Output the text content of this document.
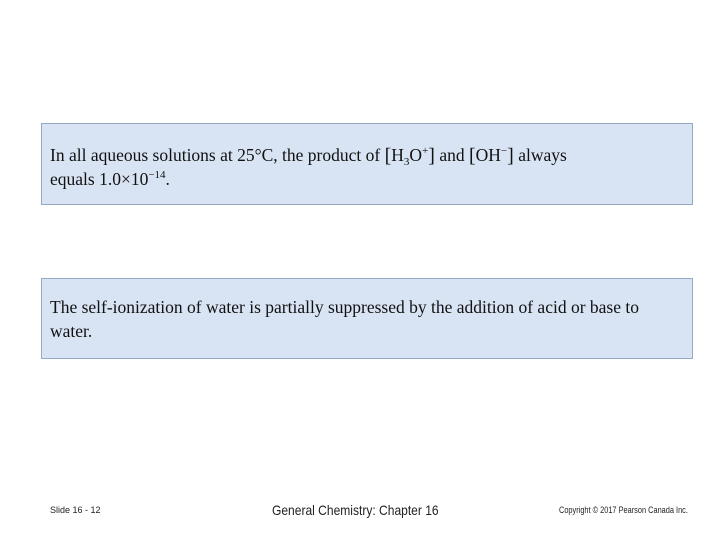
In all aqueous solutions at 25°C, the product of $[H_3O^+]$ and [OH−] always
equals $1.0\times 10^{-14}$.
The self-ionization of water is partially suppressed by the addition of acid or base to water.
Slide 16 - 12	General Chemistry: Chapter 16	Copyright © 2017 Pearson Canada Inc.
